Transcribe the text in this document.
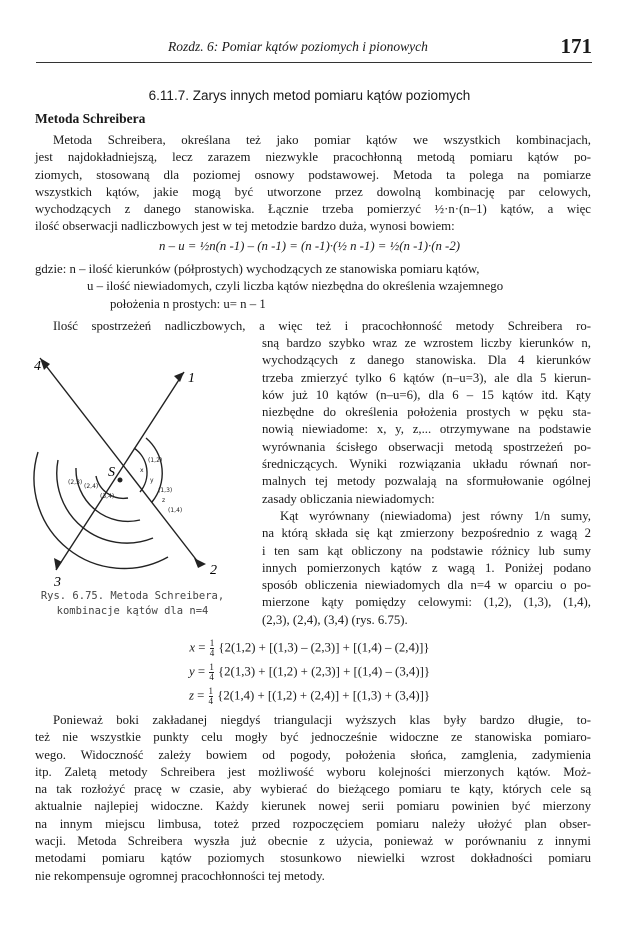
Rozdz. 6: Pomiar kątów poziomych i pionowych	171
6.11.7. Zarys innych metod pomiaru kątów poziomych
Metoda Schreibera
Metoda Schreibera, określana też jako pomiar kątów we wszystkich kombinacjach,
jest najdokładniejszą, lecz zarazem niezwykle pracochłonną metodą pomiaru kątów po-
ziomych, stosowaną dla poziomej osnowy podstawowej. Metoda ta polega na pomiarze
wszystkich kątów, jakie mogą być utworzone przez dowolną kombinację par celowych,
wychodzących z danego stanowiska. Łącznie trzeba pomierzyć ½·n·(n–1) kątów, a więc
ilość obserwacji nadliczbowych jest w tej metodzie bardzo duża, wynosi bowiem:
n – u = ½n(n -1) – (n -1) = (n -1)·(½ n -1) = ½(n -1)·(n -2)
gdzie: n – ilość kierunków (półprostych) wychodzących ze stanowiska pomiaru kątów,
u – ilość niewiadomych, czyli liczba kątów niezbędna do określenia wzajemnego
położenia n prostych: u= n – 1
Ilość spostrzeżeń nadliczbowych, a więc też i pracochłonność metody Schreibera ro-
4
1
2
3
S
(1,2)
(1,3)
(1,4)
(2,3)
(2,4)
(3,4)
x
y
z
Rys. 6.75. Metoda Schreibera,
kombinacje kątów dla n=4
sną bardzo szybko wraz ze wzrostem liczby kierunków n,
wychodzących z danego stanowiska. Dla 4 kierunków
trzeba zmierzyć tylko 6 kątów (n–u=3), ale dla 5 kierun-
ków już 10 kątów (n–u=6), dla 6 – 15 kątów itd. Kąty
niezbędne do określenia położenia prostych w pęku sta-
nowią niewiadome: x, y, z,... otrzymywane na podstawie
wyrównania ścisłego obserwacji metodą spostrzeżeń po-
średniczących. Wyniki rozwiązania układu równań nor-
malnych tej metody pozwalają na sformułowanie ogólnej
zasady obliczania niewiadomych:
Kąt wyrównany (niewiadoma) jest równy 1/n sumy,
na którą składa się kąt zmierzony bezpośrednio z wagą 2
i ten sam kąt obliczony na podstawie różnicy lub sumy
innych pomierzonych kątów z wagą 1. Poniżej podano
sposób obliczenia niewiadomych dla n=4 w oparciu o po-
mierzone kąty pomiędzy celowymi: (1,2), (1,3), (1,4),
(2,3), (2,4), (3,4) (rys. 6.75).
$x = \frac{1}{4} \{2(1,2) + [(1,3) - (2,3)] + [(1,4) - (2,4)]\}$
$y = \frac{1}{4} \{2(1,3) + [(1,2) + (2,3)] + [(1,4) - (3,4)]\}$
$z = \frac{1}{4} \{2(1,4) + [(1,2) + (2,4)] + [(1,3) + (3,4)]\}$
Ponieważ boki zakładanej niegdyś triangulacji wyższych klas były bardzo długie, to-
też nie wszystkie punkty celu mogły być jednocześnie widoczne ze stanowiska pomiaro-
wego. Widoczność zależy bowiem od pogody, położenia słońca, zamglenia, zadymienia
itp. Zaletą metody Schreibera jest możliwość wyboru kolejności mierzonych kątów. Moż-
na tak rozłożyć pracę w czasie, aby wybierać do bieżącego pomiaru te kąty, których cele są
aktualnie najlepiej widoczne. Każdy kierunek nowej serii pomiaru powinien być mierzony
na innym miejscu limbusa, toteż przed rozpoczęciem pomiaru należy ułożyć plan obser-
wacji. Metoda Schreibera wyszła już obecnie z użycia, ponieważ w porównaniu z innymi
metodami pomiaru kątów poziomych stosunkowo niewielki wzrost dokładności pomiaru
nie rekompensuje ogromnej pracochłonności tej metody.
